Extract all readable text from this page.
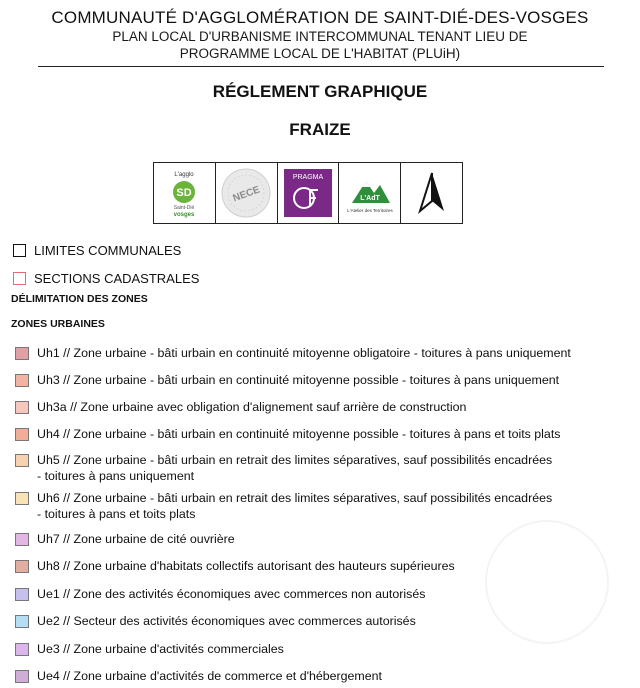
COMMUNAUTÉ D'AGGLOMÉRATION DE SAINT-DIÉ-DES-VOSGES
PLAN LOCAL D'URBANISME INTERCOMMUNAL TENANT LIEU DE
PROGRAMME LOCAL DE L'HABITAT (PLUiH)
RÉGLEMENT GRAPHIQUE
FRAIZE
L'agglo
SD
Saint-Dié
vosges
NECE
PRAGMA
L'AdT
L'Atelier des Territoires
LIMITES COMMUNALES
SECTIONS CADASTRALES
DÉLIMITATION DES ZONES
ZONES URBAINES
Uh1 // Zone urbaine - bâti urbain en continuité mitoyenne obligatoire - toitures à pans uniquement
Uh3 // Zone urbaine - bâti urbain en continuité mitoyenne possible - toitures à pans uniquement
Uh3a // Zone urbaine avec obligation d'alignement sauf arrière de construction
Uh4 // Zone urbaine - bâti urbain en continuité mitoyenne possible - toitures à pans et toits plats
Uh5 // Zone urbaine - bâti urbain en retrait des limites séparatives, sauf possibilités encadrées - toitures à pans uniquement
Uh6 // Zone urbaine - bâti urbain en retrait des limites séparatives, sauf possibilités encadrées - toitures à pans et toits plats
Uh7 // Zone urbaine de cité ouvrière
Uh8 // Zone urbaine d'habitats collectifs autorisant des hauteurs supérieures
Ue1 // Zone des activités économiques avec commerces non autorisés
Ue2 // Secteur des activités économiques avec commerces autorisés
Ue3 // Zone urbaine d'activités commerciales
Ue4 // Zone urbaine d'activités de commerce et d'hébergement
